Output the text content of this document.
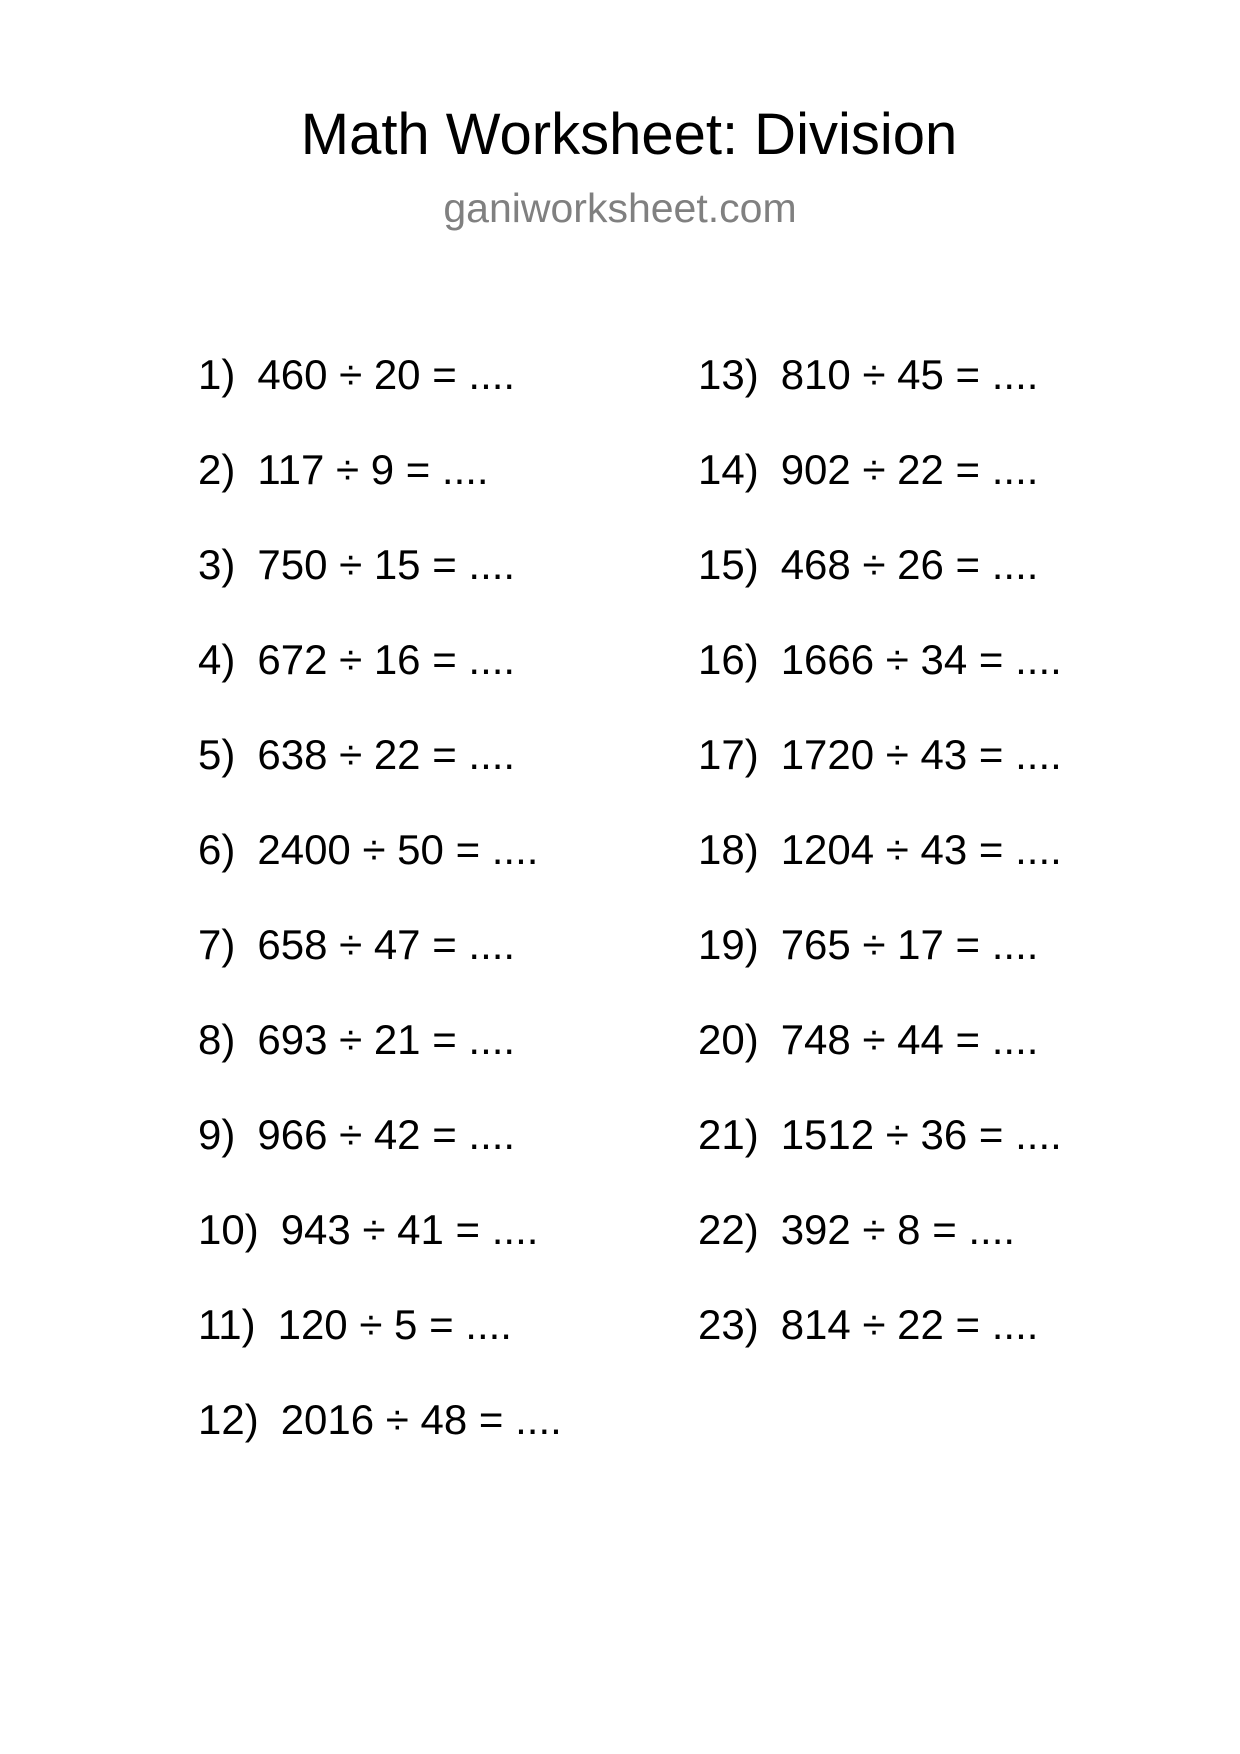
Math Worksheet: Division
ganiworksheet.com
1) 460 ÷ 20 = ....
2) 117 ÷ 9 = ....
3) 750 ÷ 15 = ....
4) 672 ÷ 16 = ....
5) 638 ÷ 22 = ....
6) 2400 ÷ 50 = ....
7) 658 ÷ 47 = ....
8) 693 ÷ 21 = ....
9) 966 ÷ 42 = ....
10) 943 ÷ 41 = ....
11) 120 ÷ 5 = ....
12) 2016 ÷ 48 = ....
13) 810 ÷ 45 = ....
14) 902 ÷ 22 = ....
15) 468 ÷ 26 = ....
16) 1666 ÷ 34 = ....
17) 1720 ÷ 43 = ....
18) 1204 ÷ 43 = ....
19) 765 ÷ 17 = ....
20) 748 ÷ 44 = ....
21) 1512 ÷ 36 = ....
22) 392 ÷ 8 = ....
23) 814 ÷ 22 = ....
